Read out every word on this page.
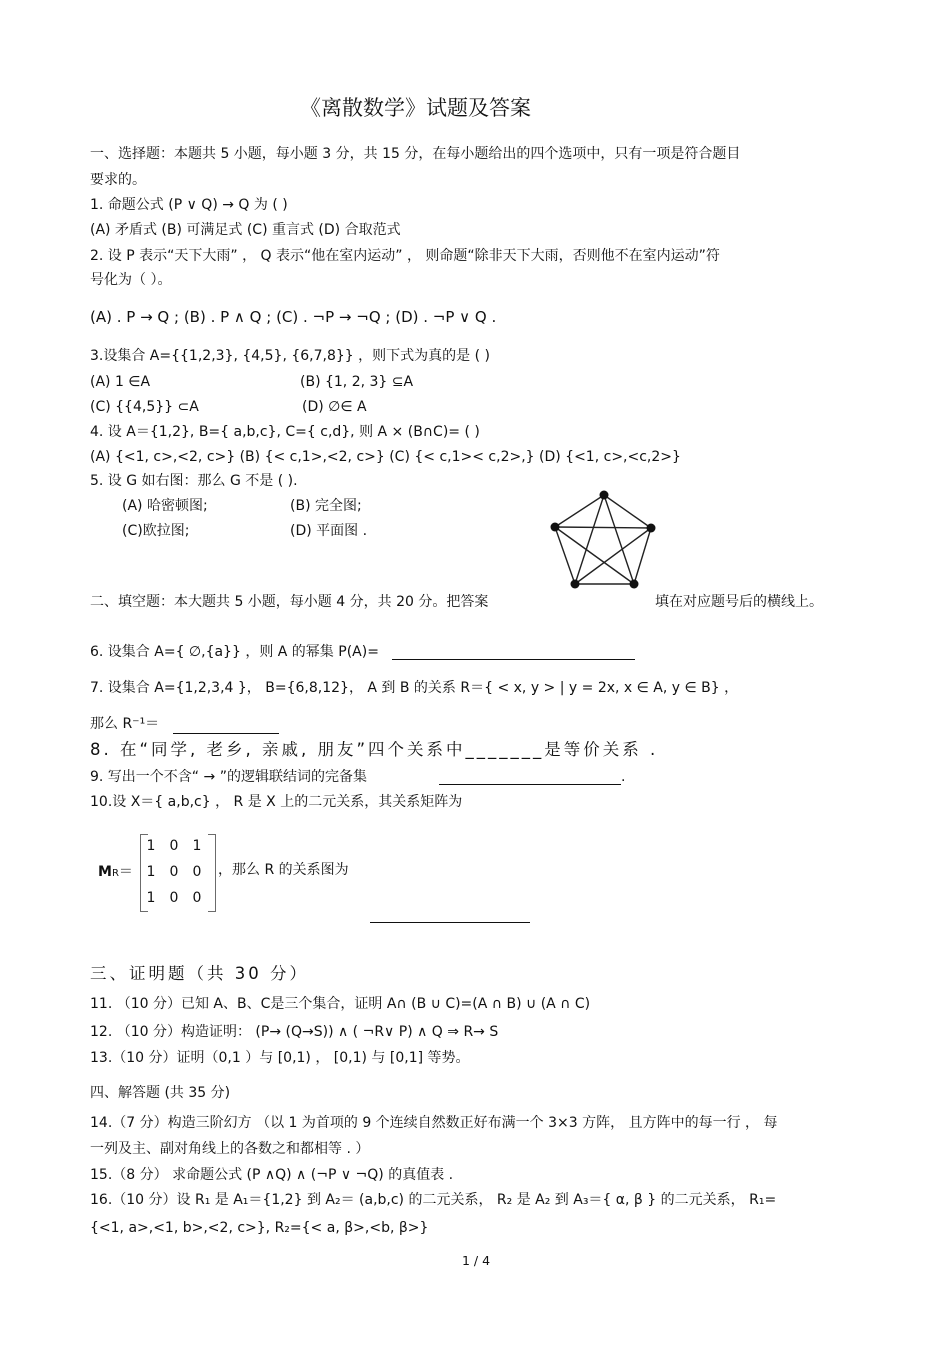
《离散数学》试题及答案
一、选择题：本题共 5 小题，每小题 3 分，共 15 分，在每小题给出的四个选项中，只有一项是符合题目
要求的。
1. 命题公式 (P ∨ Q) → Q 为 ( )
(A) 矛盾式 (B) 可满足式 (C) 重言式 (D) 合取范式
2. 设 P 表示“天下大雨” ， Q 表示“他在室内运动” ， 则命题“除非天下大雨，否则他不在室内运动”符
号化为（ ）。
(A) . P → Q ; (B) . P ∧ Q ; (C) . ¬P → ¬Q ; (D) . ¬P ∨ Q .
3.设集合 A={{1,2,3}, {4,5}, {6,7,8}} ，则下式为真的是 ( )
(A) 1 ∈A	(B) {1, 2, 3} ⊆A
(C) {{4,5}} ⊂A	(D) ∅∈ A
4. 设 A＝{1,2}, B={ a,b,c}, C={ c,d}, 则 A × (B∩C)= ( )
(A) {<1, c>,<2, c>} (B) {< c,1>,<2, c>} (C) {< c,1>< c,2>,} (D) {<1, c>,<c,2>}
5. 设 G 如右图：那么 G 不是 ( ).
(A) 哈密顿图;	(B) 完全图;
(C)欧拉图;	(D) 平面图 .
二、填空题：本大题共 5 小题，每小题 4 分，共 20 分。把答案	填在对应题号后的横线上。
6. 设集合 A={ ∅,{a}} ，则 A 的幂集 P(A)=
7. 设集合 A={1,2,3,4 }， B={6,8,12}， A 到 B 的关系 R＝{ < x, y > | y = 2x, x ∈ A, y ∈ B} ，
那么 R⁻¹＝
8. 在“同学, 老乡, 亲戚, 朋友”四个关系中_______是等价关系 .
9. 写出一个不含“ → ”的逻辑联结词的完备集	.
10.设 X＝{ a,b,c} ， R 是 X 上的二元关系，其关系矩阵为
MR＝
1	0	1
1	0	0
1	0	0
，那么 R 的关系图为
三、证明题（共 30 分）
11. （10 分）已知 A、B、C是三个集合，证明 A∩ (B ∪ C)=(A ∩ B) ∪ (A ∩ C)
12. （10 分）构造证明： (P→ (Q→S)) ∧ ( ¬R∨ P) ∧ Q ⇒ R→ S
13.（10 分）证明（0,1 ）与 [0,1) ， [0,1) 与 [0,1] 等势。
四、解答题 (共 35 分)
14.（7 分）构造三阶幻方 （以 1 为首项的 9 个连续自然数正好布满一个 3×3 方阵， 且方阵中的每一行 ， 每
一列及主、副对角线上的各数之和都相等 . ）
15.（8 分） 求命题公式 (P ∧Q) ∧ (¬P ∨ ¬Q) 的真值表 .
16.（10 分）设 R₁ 是 A₁＝{1,2} 到 A₂＝ (a,b,c) 的二元关系， R₂ 是 A₂ 到 A₃＝{ α, β } 的二元关系， R₁=
{<1, a>,<1, b>,<2, c>}, R₂={< a, β>,<b, β>}
1 / 4
